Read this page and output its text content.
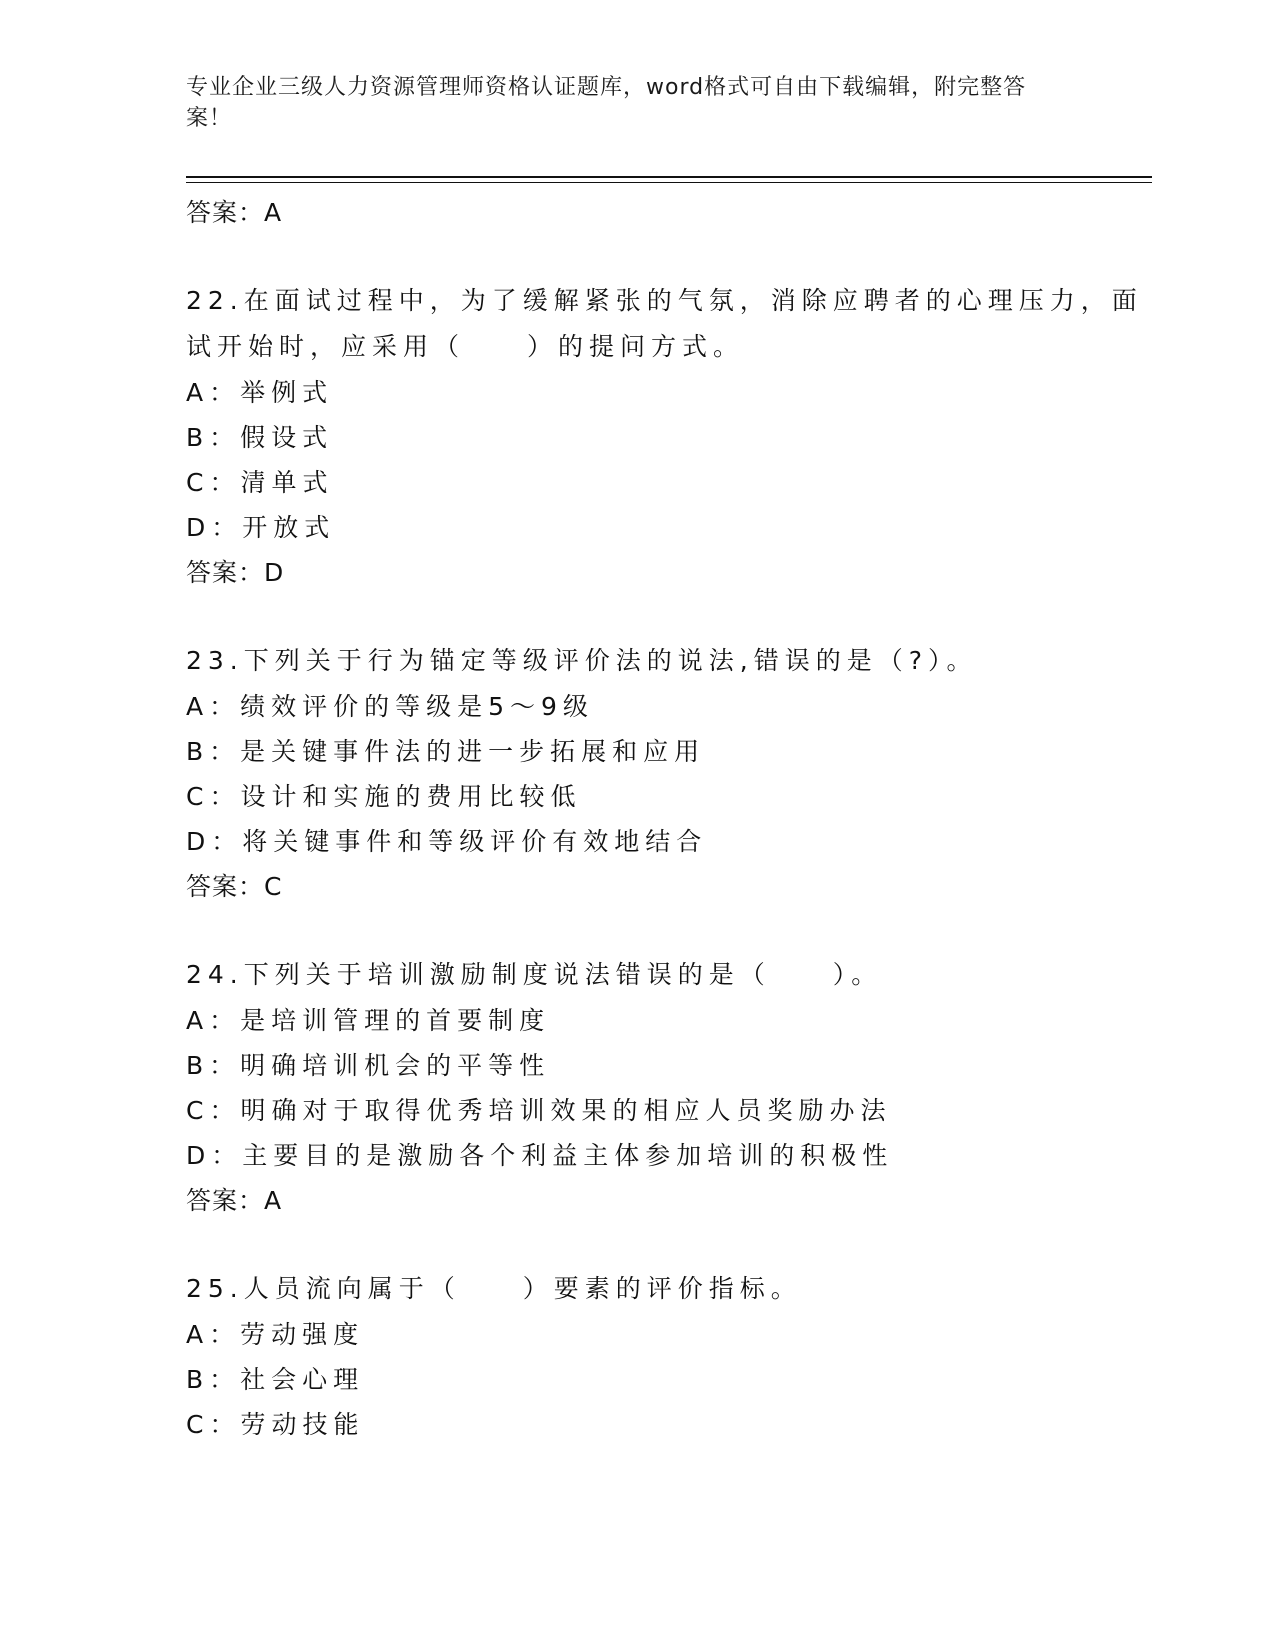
专业企业三级人力资源管理师资格认证题库，word格式可自由下载编辑，附完整答案！
答案：A
22.在面试过程中，为了缓解紧张的气氛，消除应聘者的心理压力，面
试开始时，应采用（　　）的提问方式。
A：举例式
B：假设式
C：清单式
D：开放式
答案：D
23.下列关于行为锚定等级评价法的说法,错误的是（?）。
A：绩效评价的等级是5～9级
B：是关键事件法的进一步拓展和应用
C：设计和实施的费用比较低
D：将关键事件和等级评价有效地结合
答案：C
24.下列关于培训激励制度说法错误的是（　　）。
A：是培训管理的首要制度
B：明确培训机会的平等性
C：明确对于取得优秀培训效果的相应人员奖励办法
D：主要目的是激励各个利益主体参加培训的积极性
答案：A
25.人员流向属于（　　）要素的评价指标。
A：劳动强度
B：社会心理
C：劳动技能
